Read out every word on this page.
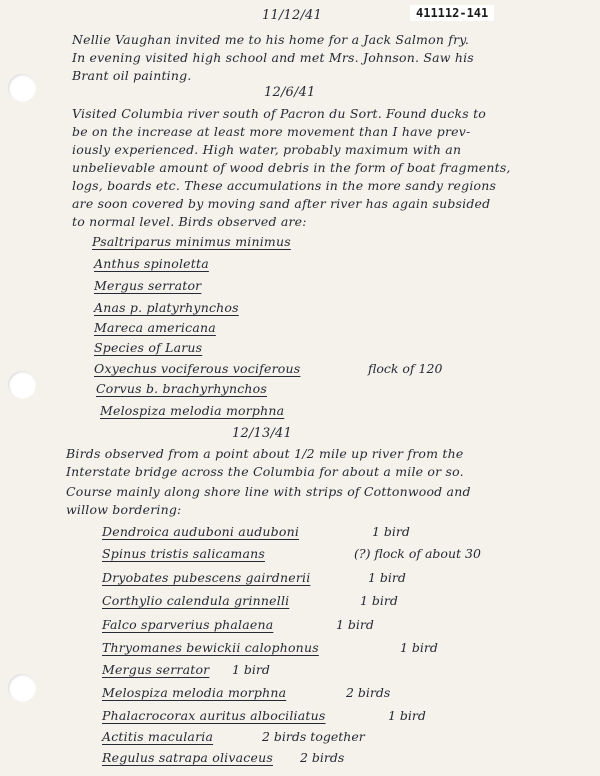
411112-141
11/12/41
Nellie Vaughan invited me to his home for a Jack Salmon fry.
In evening visited high school and met Mrs. Johnson. Saw his
Brant oil painting.
12/6/41
Visited Columbia river south of Pacron du Sort. Found ducks to
be on the increase at least more movement than I have prev-
iously experienced. High water, probably maximum with an
unbelievable amount of wood debris in the form of boat fragments,
logs, boards etc. These accumulations in the more sandy regions
are soon covered by moving sand after river has again subsided
to normal level. Birds observed are:
Psaltriparus minimus minimus
Anthus spinoletta
Mergus serrator
Anas p. platyrhynchos
Mareca americana
Species of Larus
Oxyechus vociferous vociferous	flock of 120
Corvus b. brachyrhynchos
Melospiza melodia morphna
12/13/41
Birds observed from a point about 1/2 mile up river from the
Interstate bridge across the Columbia for about a mile or so.
Course mainly along shore line with strips of Cottonwood and
willow bordering:
Dendroica auduboni auduboni	1 bird
Spinus tristis salicamans	(?) flock of about 30
Dryobates pubescens gairdnerii	1 bird
Corthylio calendula grinnelli	1 bird
Falco sparverius phalaena	1 bird
Thryomanes bewickii calophonus	1 bird
Mergus serrator 1 bird
Melospiza melodia morphna	2 birds
Phalacrocorax auritus albociliatus	1 bird
Actitis macularia	2 birds together
Regulus satrapa olivaceus 2 birds
